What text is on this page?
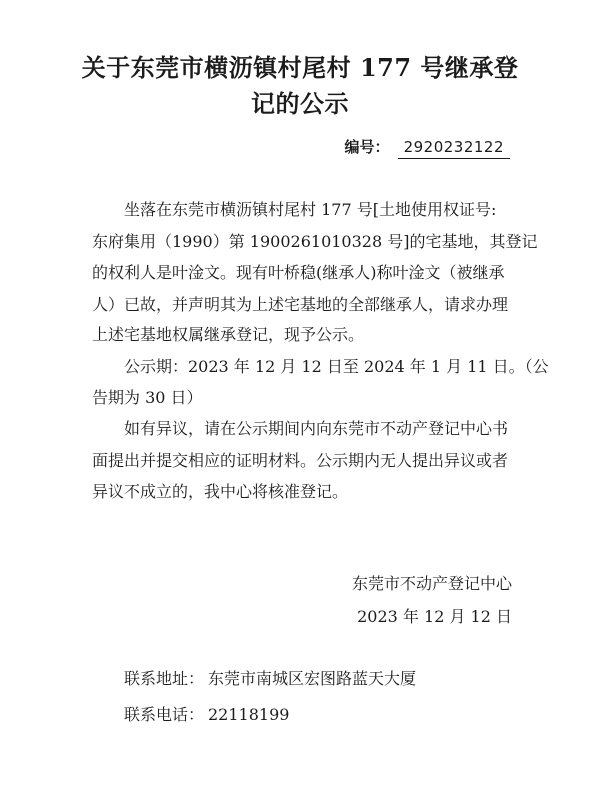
关于东莞市横沥镇村尾村 177 号继承登
记的公示
编号： 2920232122
坐落在东莞市横沥镇村尾村 177 号[土地使用权证号:
东府集用（1990）第 1900261010328 号]的宅基地，其登记
的权利人是叶淦文。现有叶桥稳(继承人)称叶淦文（被继承
人）已故，并声明其为上述宅基地的全部继承人，请求办理
上述宅基地权属继承登记，现予公示。
公示期：2023 年 12 月 12 日至 2024 年 1 月 11 日。（公
告期为 30 日）
如有异议，请在公示期间内向东莞市不动产登记中心书
面提出并提交相应的证明材料。公示期内无人提出异议或者
异议不成立的，我中心将核准登记。
东莞市不动产登记中心
2023 年 12 月 12 日
联系地址： 东莞市南城区宏图路蓝天大厦
联系电话： 22118199
